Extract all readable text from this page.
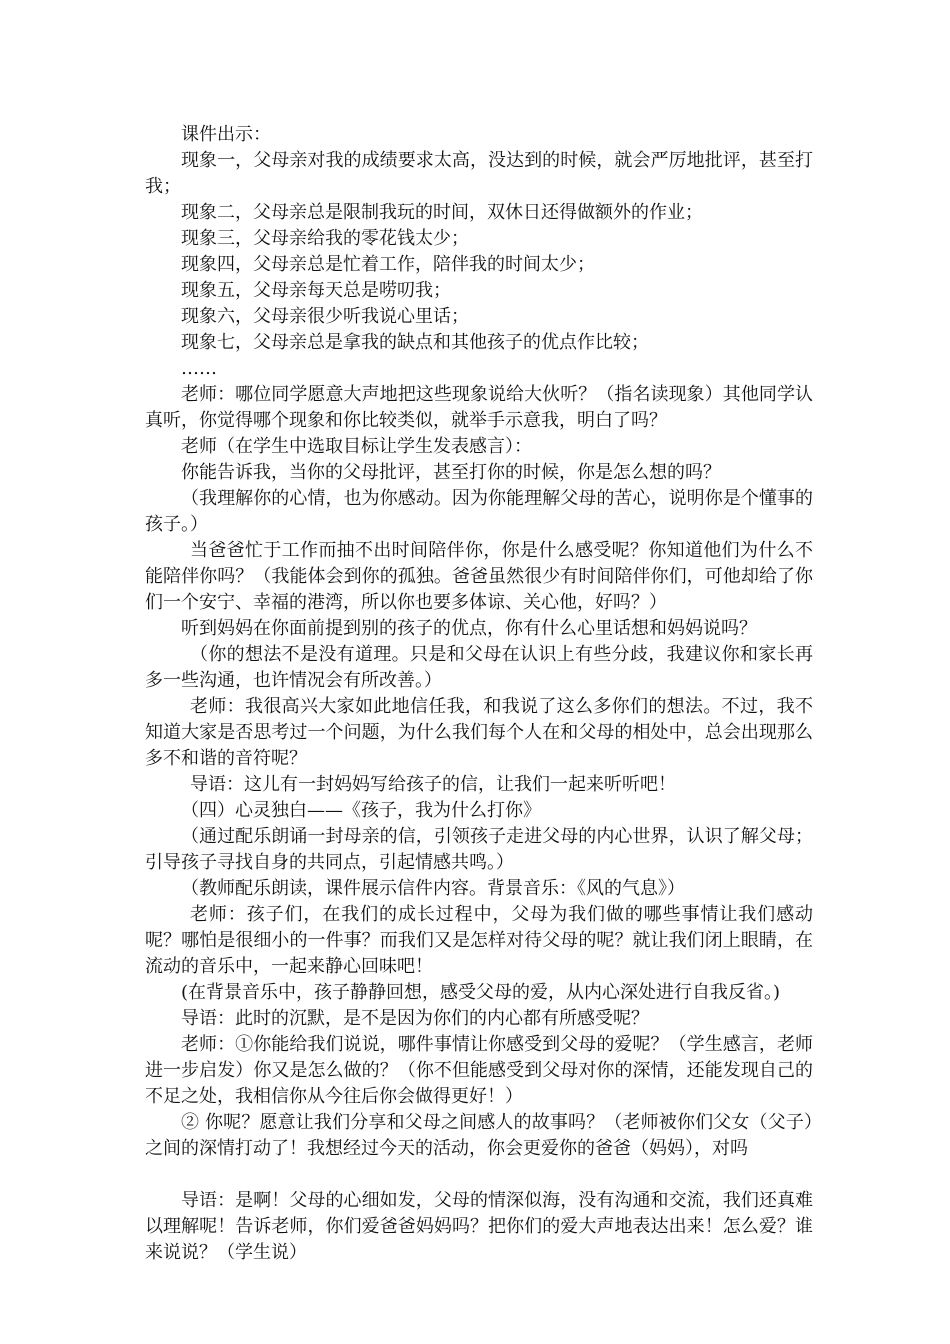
课件出示：

现象一，父母亲对我的成绩要求太高，没达到的时候，就会严厉地批评，甚至打我；

现象二，父母亲总是限制我玩的时间，双休日还得做额外的作业；

现象三，父母亲给我的零花钱太少；

现象四，父母亲总是忙着工作，陪伴我的时间太少；

现象五，父母亲每天总是唠叨我；

现象六，父母亲很少听我说心里话；

现象七，父母亲总是拿我的缺点和其他孩子的优点作比较；

……

老师：哪位同学愿意大声地把这些现象说给大伙听？（指名读现象）其他同学认真听，你觉得哪个现象和你比较类似，就举手示意我，明白了吗？

老师（在学生中选取目标让学生发表感言）：

你能告诉我，当你的父母批评，甚至打你的时候，你是怎么想的吗？

（我理解你的心情，也为你感动。因为你能理解父母的苦心，说明你是个懂事的孩子。）

当爸爸忙于工作而抽不出时间陪伴你，你是什么感受呢？你知道他们为什么不能陪伴你吗？（我能体会到你的孤独。爸爸虽然很少有时间陪伴你们，可他却给了你们一个安宁、幸福的港湾，所以你也要多体谅、关心他，好吗？）

听到妈妈在你面前提到别的孩子的优点，你有什么心里话想和妈妈说吗？

（你的想法不是没有道理。只是和父母在认识上有些分歧，我建议你和家长再多一些沟通，也许情况会有所改善。）

老师：我很高兴大家如此地信任我，和我说了这么多你们的想法。不过，我不知道大家是否思考过一个问题，为什么我们每个人在和父母的相处中，总会出现那么多不和谐的音符呢？

导语：这儿有一封妈妈写给孩子的信，让我们一起来听听吧！

（四）心灵独白——《孩子，我为什么打你》

（通过配乐朗诵一封母亲的信，引领孩子走进父母的内心世界，认识了解父母；引导孩子寻找自身的共同点，引起情感共鸣。）

（教师配乐朗读，课件展示信件内容。背景音乐：《风的气息》）

老师：孩子们，在我们的成长过程中，父母为我们做的哪些事情让我们感动呢？哪怕是很细小的一件事？而我们又是怎样对待父母的呢？就让我们闭上眼睛，在流动的音乐中，一起来静心回味吧！

(在背景音乐中，孩子静静回想，感受父母的爱，从内心深处进行自我反省。)

导语：此时的沉默，是不是因为你们的内心都有所感受呢？

老师：①你能给我们说说，哪件事情让你感受到父母的爱呢？（学生感言，老师进一步启发）你又是怎么做的？（你不但能感受到父母对你的深情，还能发现自己的不足之处，我相信你从今往后你会做得更好！）

② 你呢？愿意让我们分享和父母之间感人的故事吗？（老师被你们父女（父子）之间的深情打动了！我想经过今天的活动，你会更爱你的爸爸（妈妈），对吗

导语：是啊！父母的心细如发，父母的情深似海，没有沟通和交流，我们还真难以理解呢！告诉老师，你们爱爸爸妈妈吗？把你们的爱大声地表达出来！怎么爱？谁来说说？（学生说）
